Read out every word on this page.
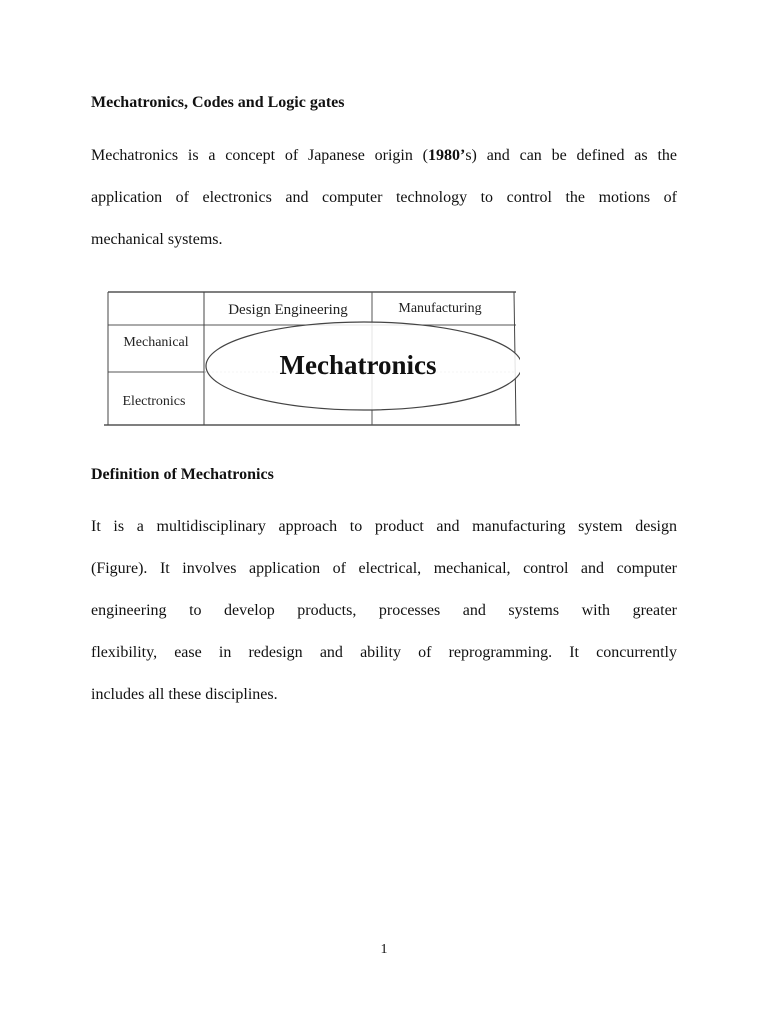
Mechatronics, Codes and Logic gates
Mechatronics is a concept of Japanese origin (1980’s) and can be defined as the
application of electronics and computer technology to control the motions of
mechanical systems.
Design Engineering	Manufacturing
Mechanical
Electronics
Mechatronics
Definition of Mechatronics
It is a multidisciplinary approach to product and manufacturing system design
(Figure). It involves application of electrical, mechanical, control and computer
engineering to develop products, processes and systems with greater
flexibility, ease in redesign and ability of reprogramming. It concurrently
includes all these disciplines.
1
